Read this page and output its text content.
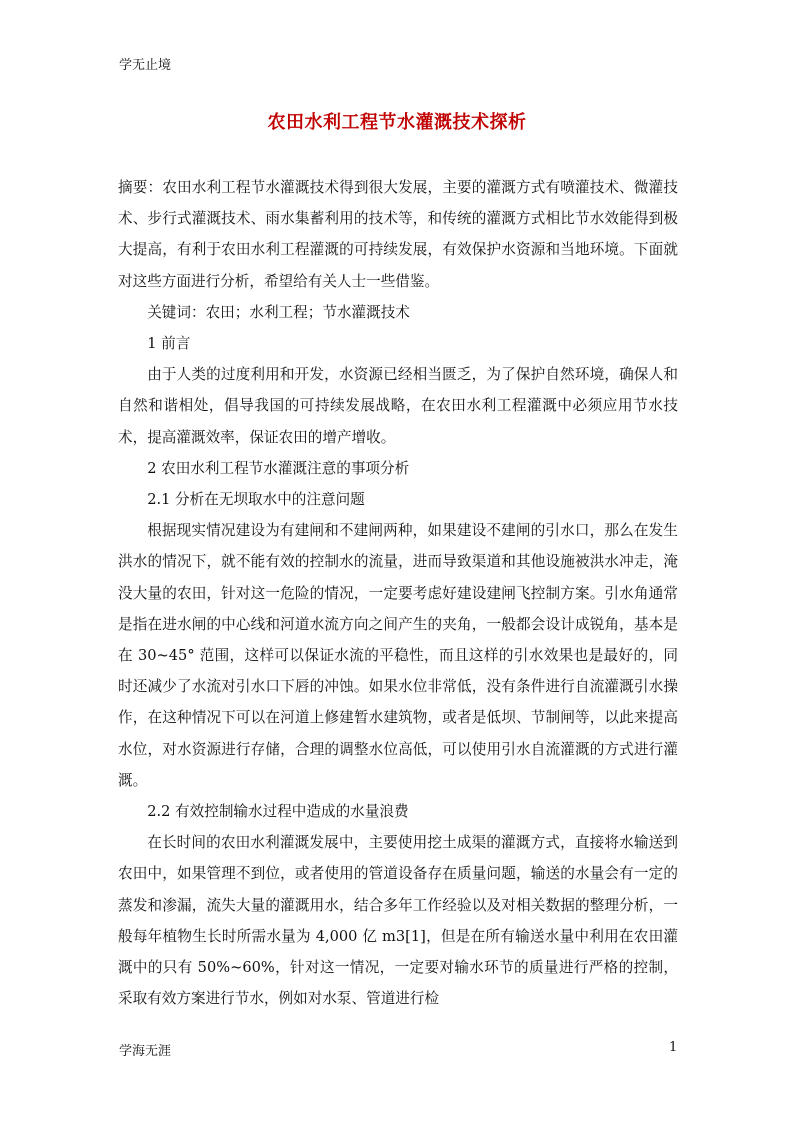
学无止境
农田水利工程节水灌溉技术探析

摘要：农田水利工程节水灌溉技术得到很大发展，主要的灌溉方式有喷灌技术、微灌技术、步行式灌溉技术、雨水集蓄利用的技术等，和传统的灌溉方式相比节水效能得到极大提高，有利于农田水利工程灌溉的可持续发展，有效保护水资源和当地环境。下面就对这些方面进行分析，希望给有关人士一些借鉴。

关键词：农田；水利工程；节水灌溉技术

1 前言

由于人类的过度利用和开发，水资源已经相当匮乏，为了保护自然环境，确保人和自然和谐相处，倡导我国的可持续发展战略，在农田水利工程灌溉中必须应用节水技术，提高灌溉效率，保证农田的增产增收。

2 农田水利工程节水灌溉注意的事项分析

2.1 分析在无坝取水中的注意问题

根据现实情况建设为有建闸和不建闸两种，如果建设不建闸的引水口，那么在发生洪水的情况下，就不能有效的控制水的流量，进而导致渠道和其他设施被洪水冲走，淹没大量的农田，针对这一危险的情况，一定要考虑好建设建闸飞控制方案。引水角通常是指在进水闸的中心线和河道水流方向之间产生的夹角，一般都会设计成锐角，基本是在 30~45° 范围，这样可以保证水流的平稳性，而且这样的引水效果也是最好的，同时还减少了水流对引水口下唇的冲蚀。如果水位非常低，没有条件进行自流灌溉引水操作，在这种情况下可以在河道上修建暂水建筑物，或者是低坝、节制闸等，以此来提高水位，对水资源进行存储，合理的调整水位高低，可以使用引水自流灌溉的方式进行灌溉。

2.2 有效控制输水过程中造成的水量浪费

在长时间的农田水利灌溉发展中，主要使用挖土成渠的灌溉方式，直接将水输送到农田中，如果管理不到位，或者使用的管道设备存在质量问题，输送的水量会有一定的蒸发和渗漏，流失大量的灌溉用水，结合多年工作经验以及对相关数据的整理分析，一般每年植物生长时所需水量为 4,000 亿 m3[1]，但是在所有输送水量中利用在农田灌溉中的只有 50%~60%，针对这一情况，一定要对输水环节的质量进行严格的控制，采取有效方案进行节水，例如对水泵、管道进行检

学海无涯	1
